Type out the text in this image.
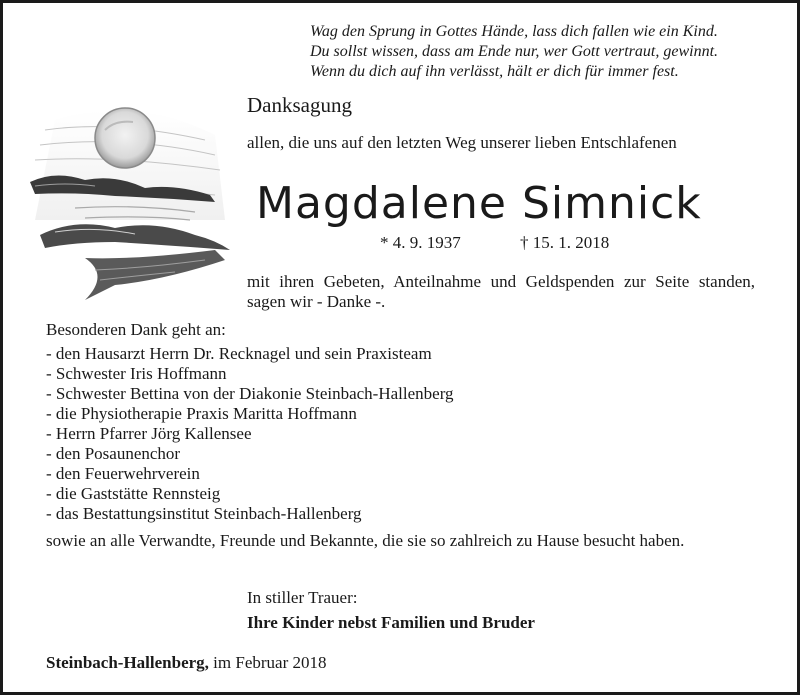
Wag den Sprung in Gottes Hände, lass dich fallen wie ein Kind.
Du sollst wissen, dass am Ende nur, wer Gott vertraut, gewinnt.
Wenn du dich auf ihn verlässt, hält er dich für immer fest.
Danksagung
allen, die uns auf den letzten Weg unserer lieben Entschlafenen
Magdalene Simnick
* 4. 9. 1937	† 15. 1. 2018
mit ihren Gebeten, Anteilnahme und Geldspenden zur Seite standen, sagen wir - Danke -.
Besonderen Dank geht an:
- den Hausarzt Herrn Dr. Recknagel und sein Praxisteam
- Schwester Iris Hoffmann
- Schwester Bettina von der Diakonie Steinbach-Hallenberg
- die Physiotherapie Praxis Maritta Hoffmann
- Herrn Pfarrer Jörg Kallensee
- den Posaunenchor
- den Feuerwehrverein
- die Gaststätte Rennsteig
- das Bestattungsinstitut Steinbach-Hallenberg
sowie an alle Verwandte, Freunde und Bekannte, die sie so zahlreich zu Hause besucht haben.
In stiller Trauer:
Ihre Kinder nebst Familien und Bruder
Steinbach-Hallenberg, im Februar 2018
